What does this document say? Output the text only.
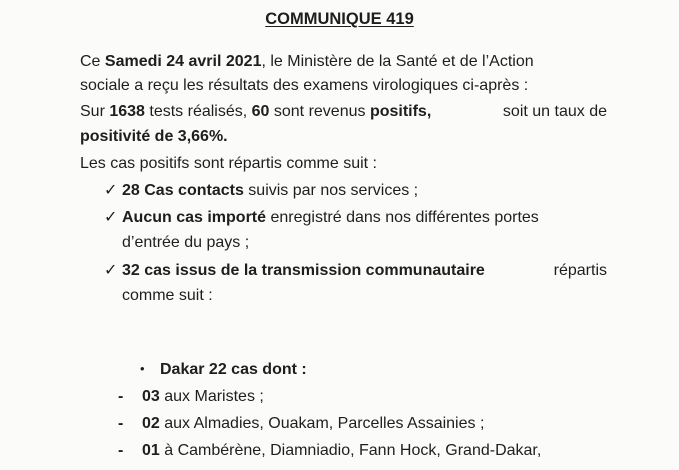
COMMUNIQUE 419
Ce Samedi 24 avril 2021, le Ministère de la Santé et de l’Action
sociale a reçu les résultats des examens virologiques ci-après :
Sur 1638 tests réalisés, 60 sont revenus positifs,	soit un taux de
positivité de 3,66%.
Les cas positifs sont répartis comme suit :
✓ 28 Cas contacts suivis par nos services ;
✓ Aucun cas importé enregistré dans nos différentes portes
d’entrée du pays ;
✓ 32 cas issus de la transmission communautaire	répartis
comme suit :
• Dakar 22 cas dont :
- 03 aux Maristes ;
- 02 aux Almadies, Ouakam, Parcelles Assainies ;
- 01 à Cambérène, Diamniadio, Fann Hock, Grand-Dakar,
